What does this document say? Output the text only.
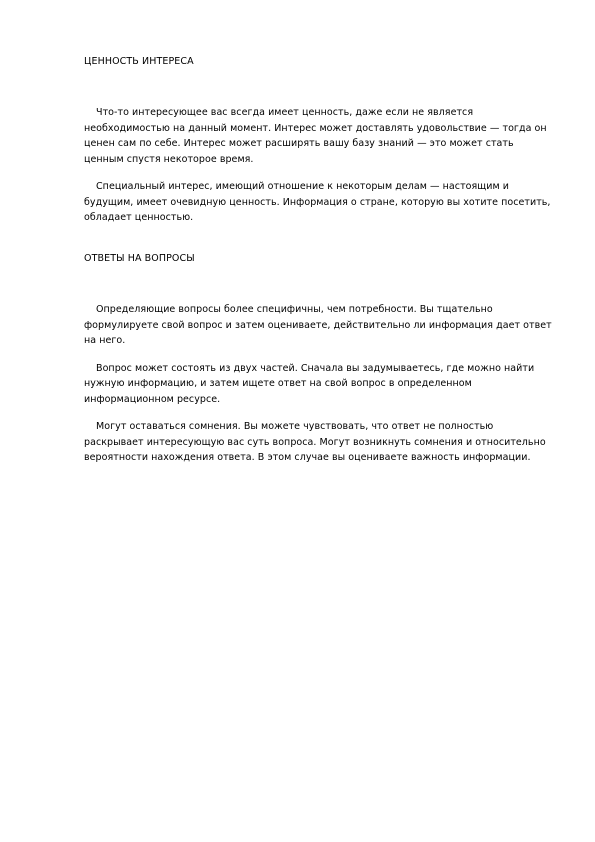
ЦЕННОСТЬ ИНТЕРЕСА

Что-то интересующее вас всегда имеет ценность, даже если не является необходимостью на данный момент. Интерес может доставлять удовольствие — тогда он ценен сам по себе. Интерес может расширять вашу базу знаний — это может стать ценным спустя некоторое время.

Специальный интерес, имеющий отношение к некоторым делам — настоящим и будущим, имеет очевидную ценность. Информация о стране, которую вы хотите посетить, обладает ценностью.

ОТВЕТЫ НА ВОПРОСЫ

Определяющие вопросы более специфичны, чем потребности. Вы тщательно формулируете свой вопрос и затем оцениваете, действительно ли информация дает ответ на него.

Вопрос может состоять из двух частей. Сначала вы задумываетесь, где можно найти нужную информацию, и затем ищете ответ на свой вопрос в определенном информационном ресурсе.

Могут оставаться сомнения. Вы можете чувствовать, что ответ не полностью раскрывает интересующую вас суть вопроса. Могут возникнуть сомнения и относительно вероятности нахождения ответа. В этом случае вы оцениваете важность информации.
